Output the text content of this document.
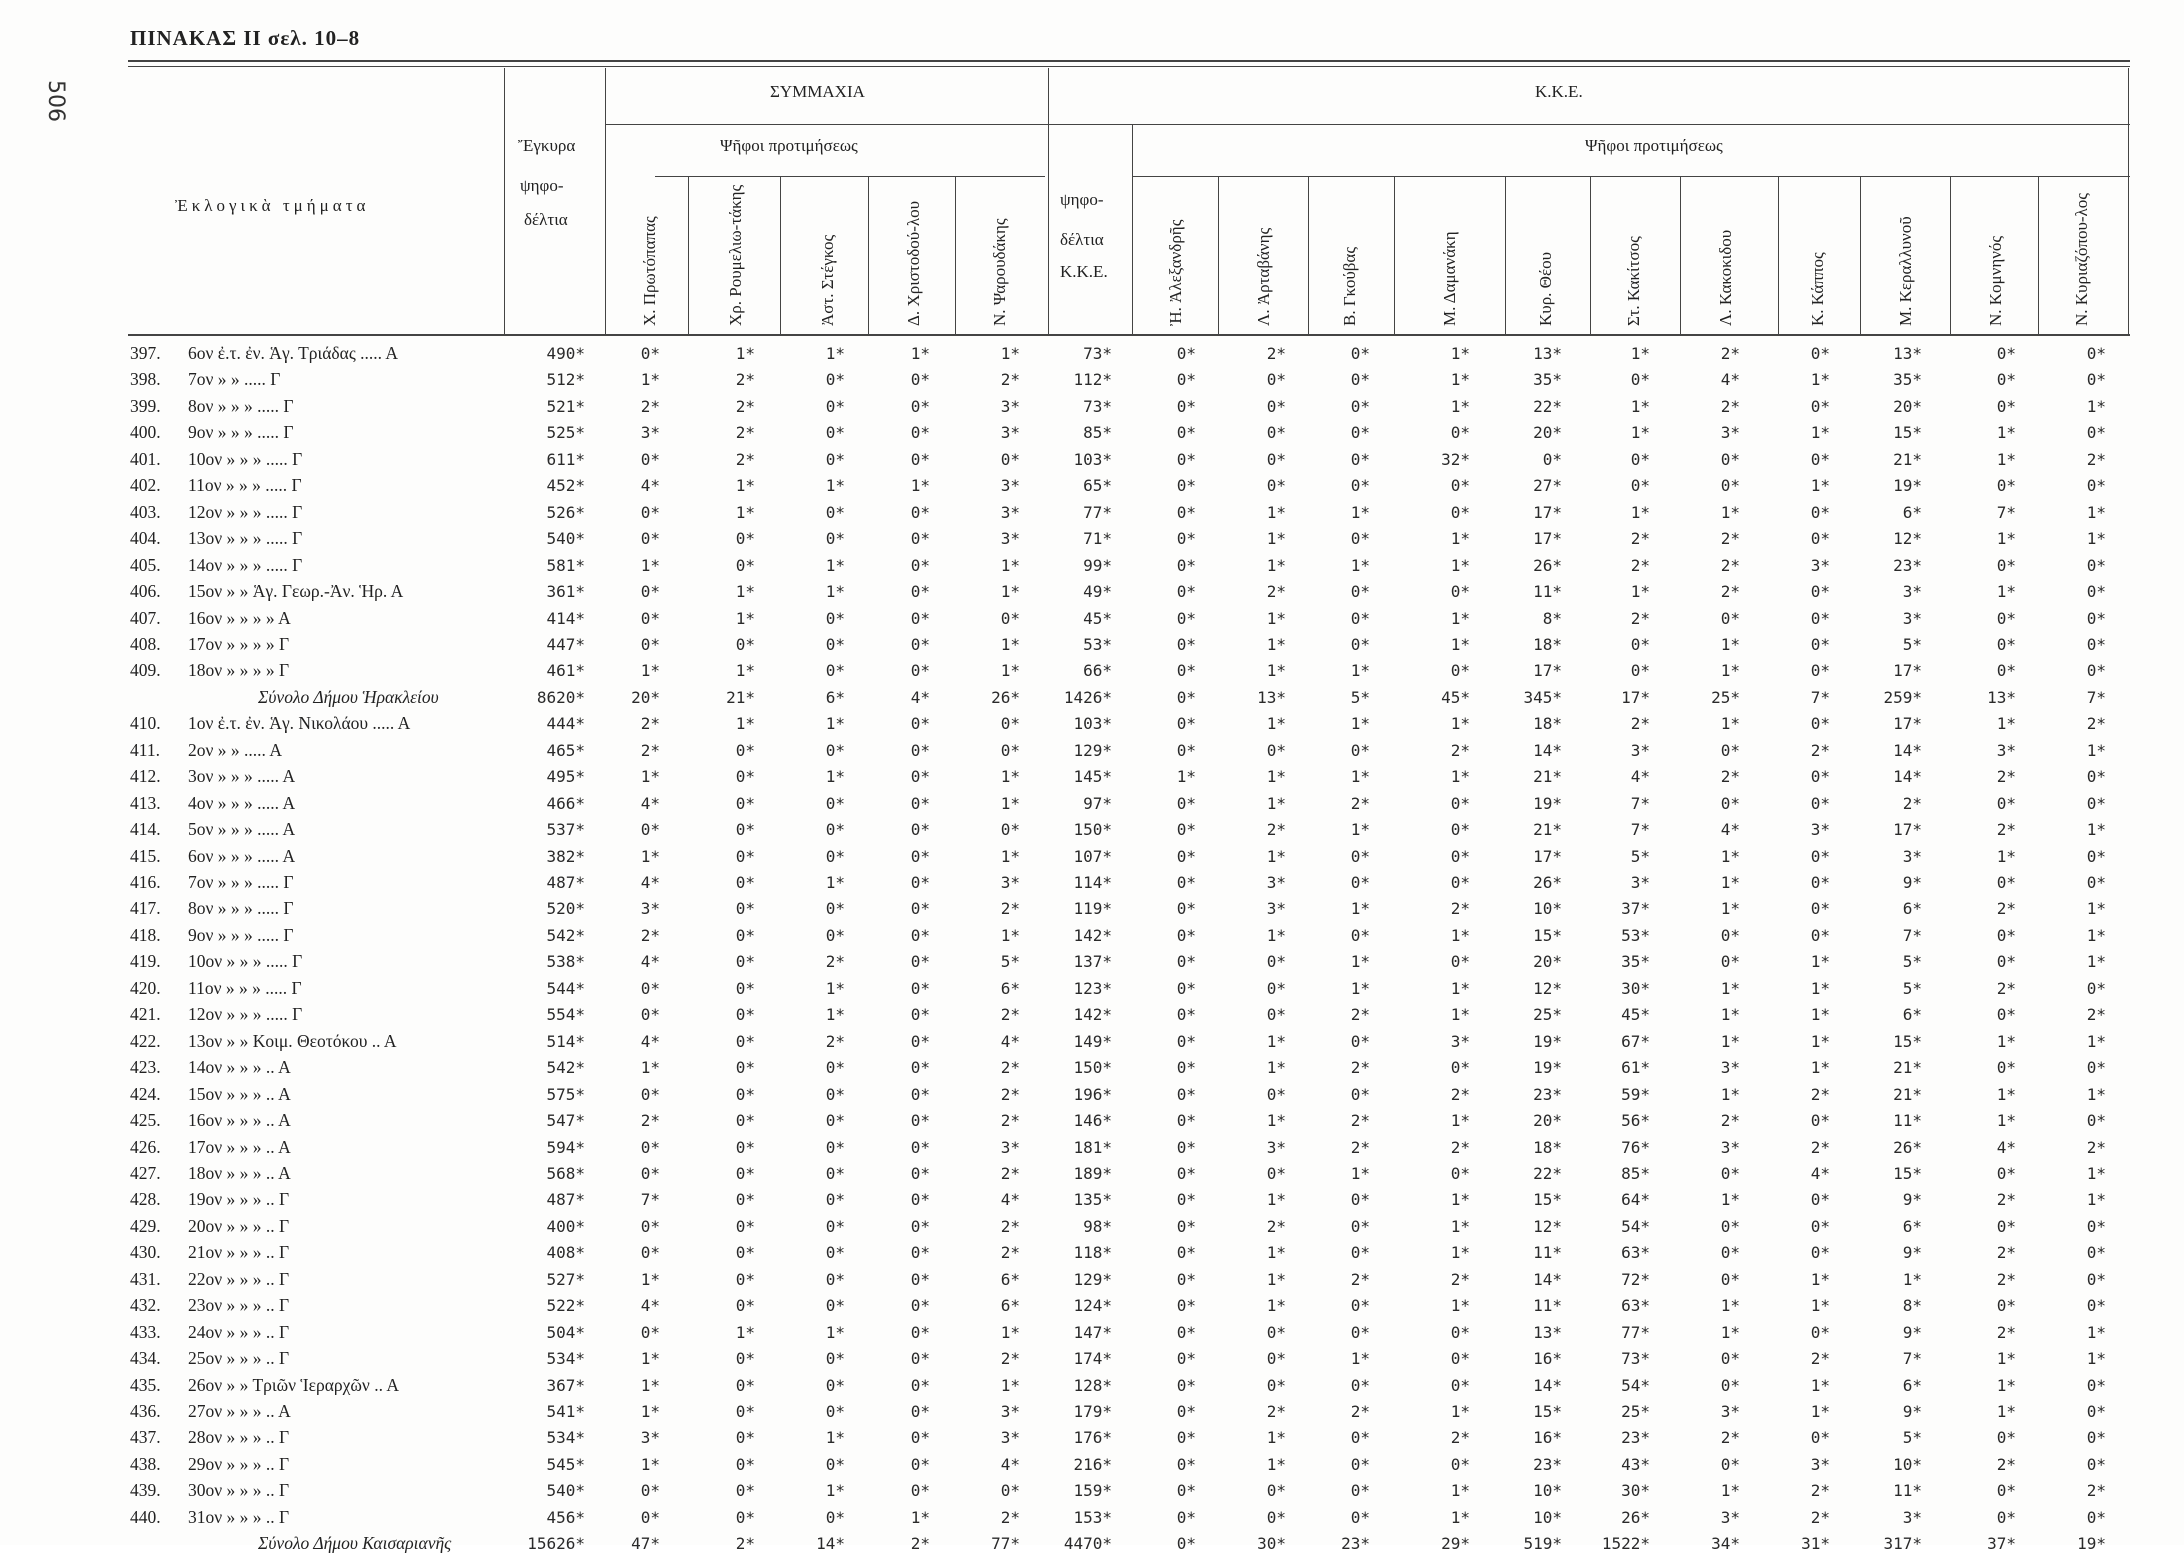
506
ΠΙΝΑΚΑΣ ΙΙ σελ. 10–8
Ἐκλογικὰ τμήματα
Ἔγκυρα
ψηφο-
δέλτια
ΣΥΜΜΑΧΙΑ	Κ.Κ.Ε.
Ψῆφοι προτιμήσεως	Ψῆφοι προτιμήσεως
ψηφο-
δέλτια
Κ.Κ.Ε.
Χ. Πρωτόπαπας	Χρ. Ρουμελιω-τάκης	Ἀστ. Στέγκος	Δ. Χριστοδού-λου	Ν. Ψαρουδάκης	Ἠ. Ἀλεξανδρῆς	Λ. Ἀρταβάνης	Β. Γκούβας	Μ. Δαμανάκη	Κυρ. Θέου	Στ. Κακίτσος	Λ. Κακοκιδου	Κ. Κάππος	Μ. Κεραλλυνοῦ	Ν. Κομνηνός	Ν. Κυριαζόπου-λος
397. 6ον ἐ.τ. ἐν. Ἁγ. Τριάδας ..... Α	490*	0*	1*	1*	1*	1*	73*	0*	2*	0*	1*	13*	1*	2*	0*	13*	0*	0*
398. 7ον » » ..... Γ	512*	1*	2*	0*	0*	2*	112*	0*	0*	0*	1*	35*	0*	4*	1*	35*	0*	0*
399. 8ον » » » ..... Γ	521*	2*	2*	0*	0*	3*	73*	0*	0*	0*	1*	22*	1*	2*	0*	20*	0*	1*
400. 9ον » » » ..... Γ	525*	3*	2*	0*	0*	3*	85*	0*	0*	0*	0*	20*	1*	3*	1*	15*	1*	0*
401. 10ον » » » ..... Γ	611*	0*	2*	0*	0*	0*	103*	0*	0*	0*	32*	0*	0*	0*	0*	21*	1*	2*
402. 11ον » » » ..... Γ	452*	4*	1*	1*	1*	3*	65*	0*	0*	0*	0*	27*	0*	0*	1*	19*	0*	0*
403. 12ον » » » ..... Γ	526*	0*	1*	0*	0*	3*	77*	0*	1*	1*	0*	17*	1*	1*	0*	6*	7*	1*
404. 13ον » » » ..... Γ	540*	0*	0*	0*	0*	3*	71*	0*	1*	0*	1*	17*	2*	2*	0*	12*	1*	1*
405. 14ον » » » ..... Γ	581*	1*	0*	1*	0*	1*	99*	0*	1*	1*	1*	26*	2*	2*	3*	23*	0*	0*
406. 15ον » » Ἁγ. Γεωρ.-Ἀν. Ἡρ. Α	361*	0*	1*	1*	0*	1*	49*	0*	2*	0*	0*	11*	1*	2*	0*	3*	1*	0*
407. 16ον » » » » Α	414*	0*	1*	0*	0*	0*	45*	0*	1*	0*	1*	8*	2*	0*	0*	3*	0*	0*
408. 17ον » » » » Γ	447*	0*	0*	0*	0*	1*	53*	0*	1*	0*	1*	18*	0*	1*	0*	5*	0*	0*
409. 18ον » » » » Γ	461*	1*	1*	0*	0*	1*	66*	0*	1*	1*	0*	17*	0*	1*	0*	17*	0*	0*
Σύνολο Δήμου Ἡρακλείου	8620*	20*	21*	6*	4*	26*	1426*	0*	13*	5*	45*	345*	17*	25*	7*	259*	13*	7*
410. 1ον ἐ.τ. ἐν. Ἁγ. Νικολάου ..... Α	444*	2*	1*	1*	0*	0*	103*	0*	1*	1*	1*	18*	2*	1*	0*	17*	1*	2*
411. 2ον » » ..... Α	465*	2*	0*	0*	0*	0*	129*	0*	0*	0*	2*	14*	3*	0*	2*	14*	3*	1*
412. 3ον » » » ..... Α	495*	1*	0*	1*	0*	1*	145*	1*	1*	1*	1*	21*	4*	2*	0*	14*	2*	0*
413. 4ον » » » ..... Α	466*	4*	0*	0*	0*	1*	97*	0*	1*	2*	0*	19*	7*	0*	0*	2*	0*	0*
414. 5ον » » » ..... Α	537*	0*	0*	0*	0*	0*	150*	0*	2*	1*	0*	21*	7*	4*	3*	17*	2*	1*
415. 6ον » » » ..... Α	382*	1*	0*	0*	0*	1*	107*	0*	1*	0*	0*	17*	5*	1*	0*	3*	1*	0*
416. 7ον » » » ..... Γ	487*	4*	0*	1*	0*	3*	114*	0*	3*	0*	0*	26*	3*	1*	0*	9*	0*	0*
417. 8ον » » » ..... Γ	520*	3*	0*	0*	0*	2*	119*	0*	3*	1*	2*	10*	37*	1*	0*	6*	2*	1*
418. 9ον » » » ..... Γ	542*	2*	0*	0*	0*	1*	142*	0*	1*	0*	1*	15*	53*	0*	0*	7*	0*	1*
419. 10ον » » » ..... Γ	538*	4*	0*	2*	0*	5*	137*	0*	0*	1*	0*	20*	35*	0*	1*	5*	0*	1*
420. 11ον » » » ..... Γ	544*	0*	0*	1*	0*	6*	123*	0*	0*	1*	1*	12*	30*	1*	1*	5*	2*	0*
421. 12ον » » » ..... Γ	554*	0*	0*	1*	0*	2*	142*	0*	0*	2*	1*	25*	45*	1*	1*	6*	0*	2*
422. 13ον » » Κοιμ. Θεοτόκου .. Α	514*	4*	0*	2*	0*	4*	149*	0*	1*	0*	3*	19*	67*	1*	1*	15*	1*	1*
423. 14ον » » » .. Α	542*	1*	0*	0*	0*	2*	150*	0*	1*	2*	0*	19*	61*	3*	1*	21*	0*	0*
424. 15ον » » » .. Α	575*	0*	0*	0*	0*	2*	196*	0*	0*	0*	2*	23*	59*	1*	2*	21*	1*	1*
425. 16ον » » » .. Α	547*	2*	0*	0*	0*	2*	146*	0*	1*	2*	1*	20*	56*	2*	0*	11*	1*	0*
426. 17ον » » » .. Α	594*	0*	0*	0*	0*	3*	181*	0*	3*	2*	2*	18*	76*	3*	2*	26*	4*	2*
427. 18ον » » » .. Α	568*	0*	0*	0*	0*	2*	189*	0*	0*	1*	0*	22*	85*	0*	4*	15*	0*	1*
428. 19ον » » » .. Γ	487*	7*	0*	0*	0*	4*	135*	0*	1*	0*	1*	15*	64*	1*	0*	9*	2*	1*
429. 20ον » » » .. Γ	400*	0*	0*	0*	0*	2*	98*	0*	2*	0*	1*	12*	54*	0*	0*	6*	0*	0*
430. 21ον » » » .. Γ	408*	0*	0*	0*	0*	2*	118*	0*	1*	0*	1*	11*	63*	0*	0*	9*	2*	0*
431. 22ον » » » .. Γ	527*	1*	0*	0*	0*	6*	129*	0*	1*	2*	2*	14*	72*	0*	1*	1*	2*	0*
432. 23ον » » » .. Γ	522*	4*	0*	0*	0*	6*	124*	0*	1*	0*	1*	11*	63*	1*	1*	8*	0*	0*
433. 24ον » » » .. Γ	504*	0*	1*	1*	0*	1*	147*	0*	0*	0*	0*	13*	77*	1*	0*	9*	2*	1*
434. 25ον » » » .. Γ	534*	1*	0*	0*	0*	2*	174*	0*	0*	1*	0*	16*	73*	0*	2*	7*	1*	1*
435. 26ον » » Τριῶν Ἱεραρχῶν .. Α	367*	1*	0*	0*	0*	1*	128*	0*	0*	0*	0*	14*	54*	0*	1*	6*	1*	0*
436. 27ον » » » .. Α	541*	1*	0*	0*	0*	3*	179*	0*	2*	2*	1*	15*	25*	3*	1*	9*	1*	0*
437. 28ον » » » .. Γ	534*	3*	0*	1*	0*	3*	176*	0*	1*	0*	2*	16*	23*	2*	0*	5*	0*	0*
438. 29ον » » » .. Γ	545*	1*	0*	0*	0*	4*	216*	0*	1*	0*	0*	23*	43*	0*	3*	10*	2*	0*
439. 30ον » » » .. Γ	540*	0*	0*	1*	0*	0*	159*	0*	0*	0*	1*	10*	30*	1*	2*	11*	0*	2*
440. 31ον » » » .. Γ	456*	0*	0*	0*	1*	2*	153*	0*	0*	0*	1*	10*	26*	3*	2*	3*	0*	0*
Σύνολο Δήμου Καισαριανῆς	15626*	47*	2*	14*	2*	77*	4470*	0*	30*	23*	29*	519*	1522*	34*	31*	317*	37*	19*
